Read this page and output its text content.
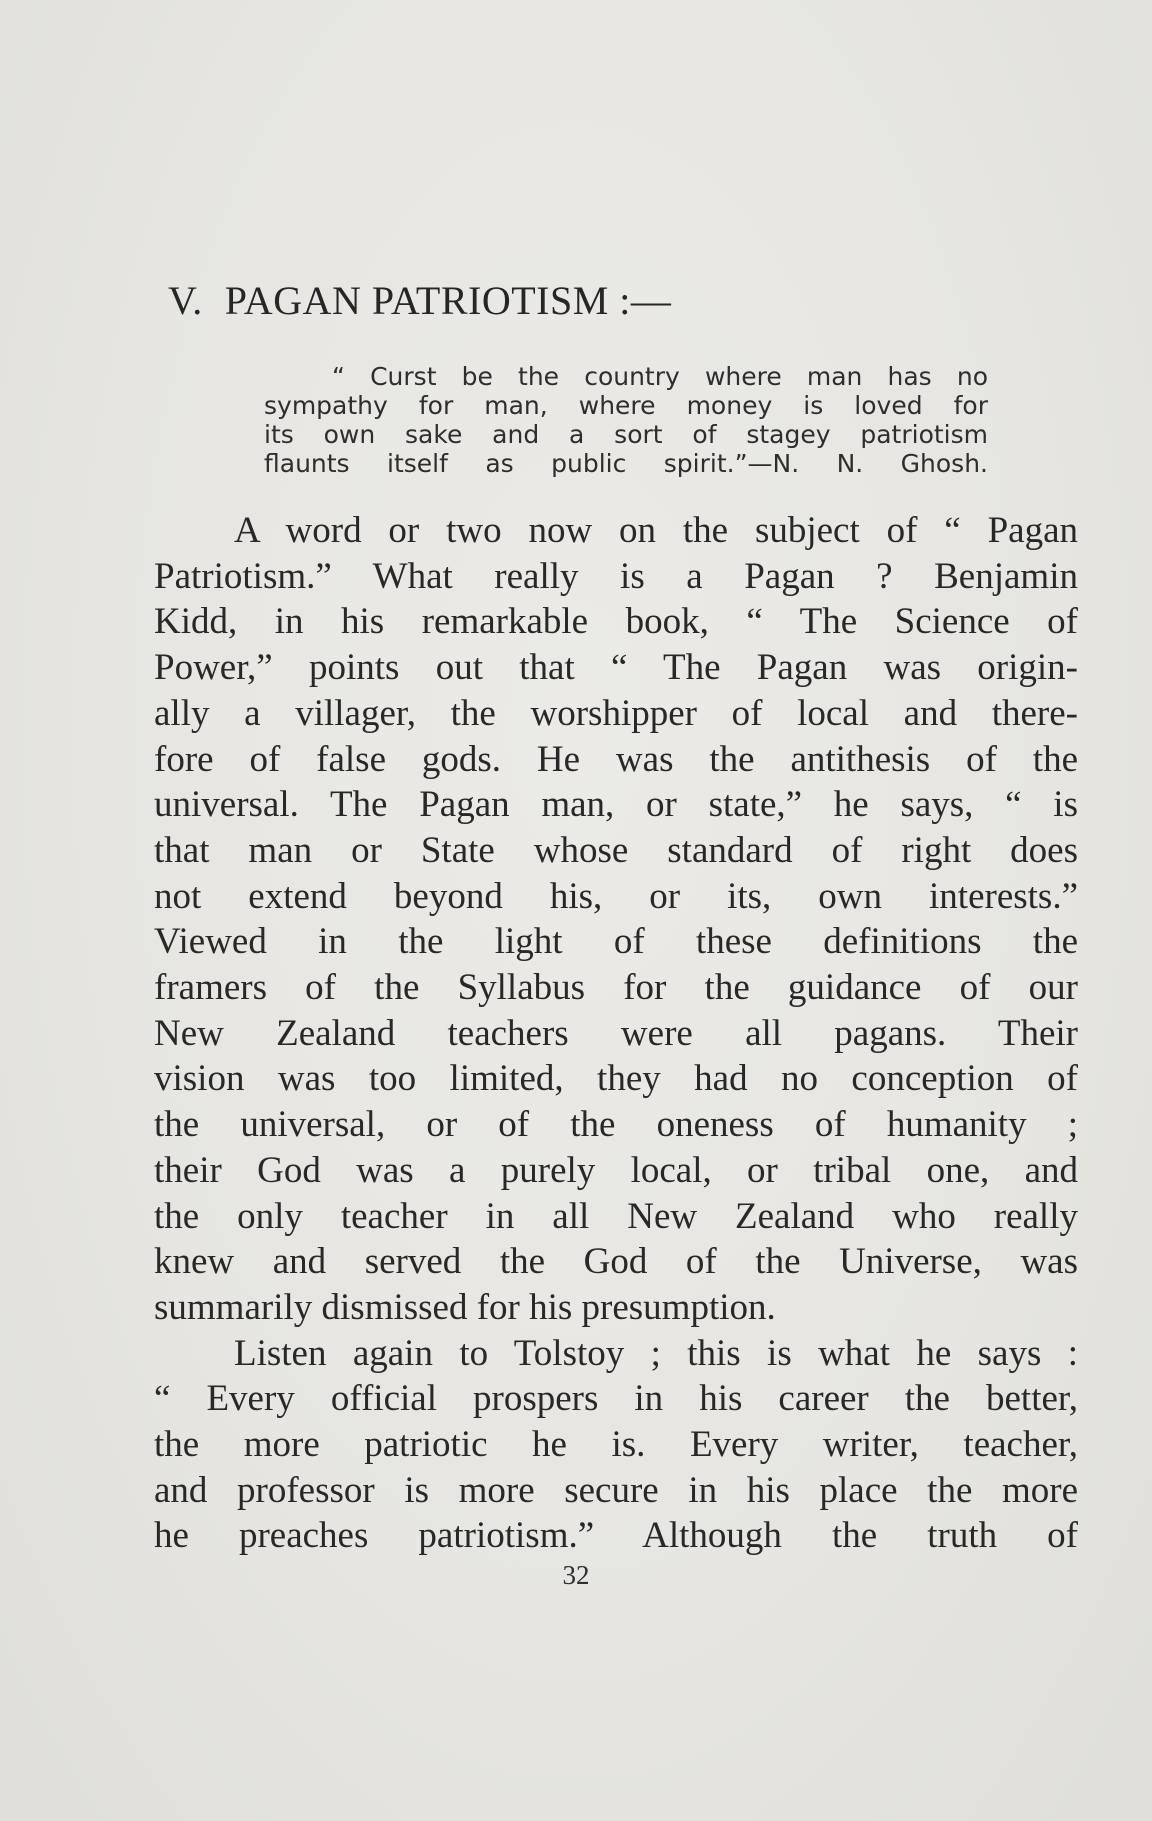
V. PAGAN PATRIOTISM :—
“ Curst be the country where man has no
sympathy for man, where money is loved for
its own sake and a sort of stagey patriotism
flaunts itself as public spirit.”—N. N. Ghosh.
A word or two now on the subject of “ Pagan
Patriotism.” What really is a Pagan ? Benjamin
Kidd, in his remarkable book, “ The Science of
Power,” points out that “ The Pagan was origin-
ally a villager, the worshipper of local and there-
fore of false gods. He was the antithesis of the
universal. The Pagan man, or state,” he says, “ is
that man or State whose standard of right does
not extend beyond his, or its, own interests.”
Viewed in the light of these definitions the
framers of the Syllabus for the guidance of our
New Zealand teachers were all pagans. Their
vision was too limited, they had no conception of
the universal, or of the oneness of humanity ;
their God was a purely local, or tribal one, and
the only teacher in all New Zealand who really
knew and served the God of the Universe, was
summarily dismissed for his presumption.
Listen again to Tolstoy ; this is what he says :
“ Every official prospers in his career the better,
the more patriotic he is. Every writer, teacher,
and professor is more secure in his place the more
he preaches patriotism.” Although the truth of
32
